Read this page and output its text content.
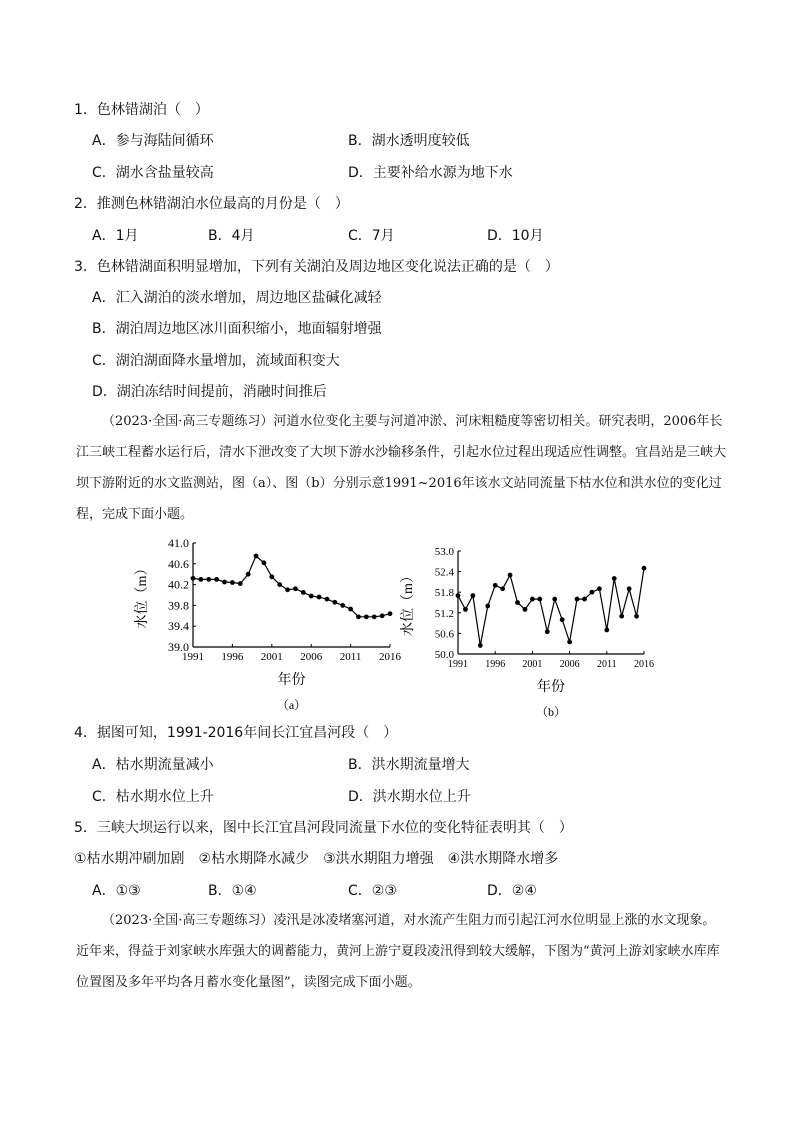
1．色林错湖泊（　）
A．参与海陆间循环	B．湖水透明度较低
C．湖水含盐量较高	D．主要补给水源为地下水
2．推测色林错湖泊水位最高的月份是（　）
A．1月	B．4月	C．7月	D．10月
3．色林错湖面积明显增加，下列有关湖泊及周边地区变化说法正确的是（　）
A．汇入湖泊的淡水增加，周边地区盐碱化减轻
B．湖泊周边地区冰川面积缩小，地面辐射增强
C．湖泊湖面降水量增加，流域面积变大
D．湖泊冻结时间提前，消融时间推后
（2023·全国·高三专题练习）河道水位变化主要与河道冲淤、河床粗糙度等密切相关。研究表明，2006年长江三峡工程蓄水运行后，清水下泄改变了大坝下游水沙输移条件，引起水位过程出现适应性调整。宜昌站是三峡大坝下游附近的水文监测站，图（a）、图（b）分别示意1991~2016年该水文站同流量下枯水位和洪水位的变化过程，完成下面小题。
41.0
40.6
40.2
39.8
39.4
39.0
1991 1996 2001 2006 2011 2016
水位（m）
年份
（a）
53.0
52.4
51.8
51.2
50.6
50.0
1991 1996 2001 2006 2011 2016
水位（m）
年份
（b）
4．据图可知，1991-2016年间长江宜昌河段（　）
A．枯水期流量减小	B．洪水期流量增大
C．枯水期水位上升	D．洪水期水位上升
5．三峡大坝运行以来，图中长江宜昌河段同流量下水位的变化特征表明其（　）
①枯水期冲刷加剧　②枯水期降水减少　③洪水期阻力增强　④洪水期降水增多
A．①③	B．①④	C．②③	D．②④
（2023·全国·高三专题练习）凌汛是冰凌堵塞河道，对水流产生阻力而引起江河水位明显上涨的水文现象。近年来，得益于刘家峡水库强大的调蓄能力，黄河上游宁夏段凌汛得到较大缓解，下图为“黄河上游刘家峡水库库位置图及多年平均各月蓄水变化量图”，读图完成下面小题。
